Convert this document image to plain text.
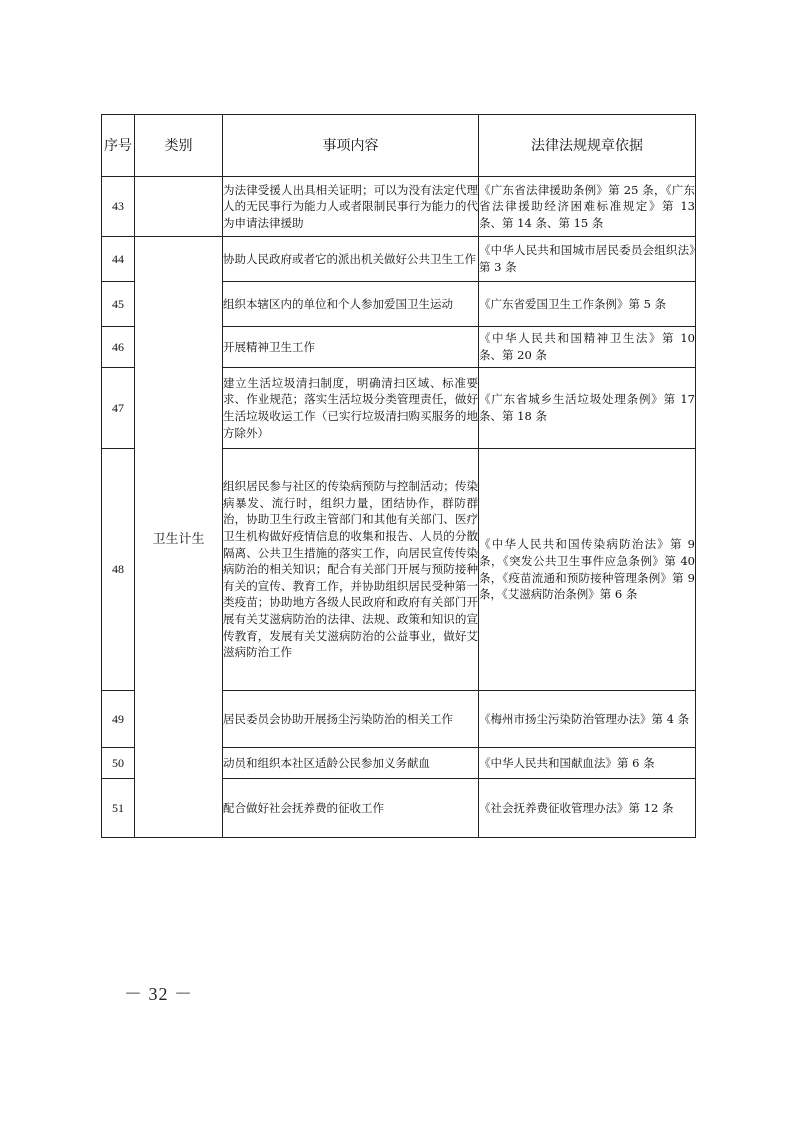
序号	类别	事项内容	法律法规规章依据
43		为法律受援人出具相关证明；可以为没有法定代理人的无民事行为能力人或者限制民事行为能力的代为申请法律援助	《广东省法律援助条例》第 25 条，《广东省法律援助经济困难标准规定》第 13 条、第 14 条、第 15 条
44	卫生计生	协助人民政府或者它的派出机关做好公共卫生工作	《中华人民共和国城市居民委员会组织法》第 3 条
45		组织本辖区内的单位和个人参加爱国卫生运动	《广东省爱国卫生工作条例》第 5 条
46		开展精神卫生工作	《中华人民共和国精神卫生法》第 10 条、第 20 条
47		建立生活垃圾清扫制度，明确清扫区域、标准要求、作业规范；落实生活垃圾分类管理责任，做好生活垃圾收运工作（已实行垃圾清扫购买服务的地方除外）	《广东省城乡生活垃圾处理条例》第 17 条、第 18 条
48		组织居民参与社区的传染病预防与控制活动；传染病暴发、流行时，组织力量，团结协作，群防群治，协助卫生行政主管部门和其他有关部门、医疗卫生机构做好疫情信息的收集和报告、人员的分散隔离、公共卫生措施的落实工作，向居民宣传传染病防治的相关知识；配合有关部门开展与预防接种有关的宣传、教育工作，并协助组织居民受种第一类疫苗；协助地方各级人民政府和政府有关部门开展有关艾滋病防治的法律、法规、政策和知识的宣传教育，发展有关艾滋病防治的公益事业，做好艾滋病防治工作	《中华人民共和国传染病防治法》第 9 条，《突发公共卫生事件应急条例》第 40 条，《疫苗流通和预防接种管理条例》第 9 条，《艾滋病防治条例》第 6 条
49		居民委员会协助开展扬尘污染防治的相关工作	《梅州市扬尘污染防治管理办法》第 4 条
50		动员和组织本社区适龄公民参加义务献血	《中华人民共和国献血法》第 6 条
51		配合做好社会抚养费的征收工作	《社会抚养费征收管理办法》第 12 条
－ 32 －
